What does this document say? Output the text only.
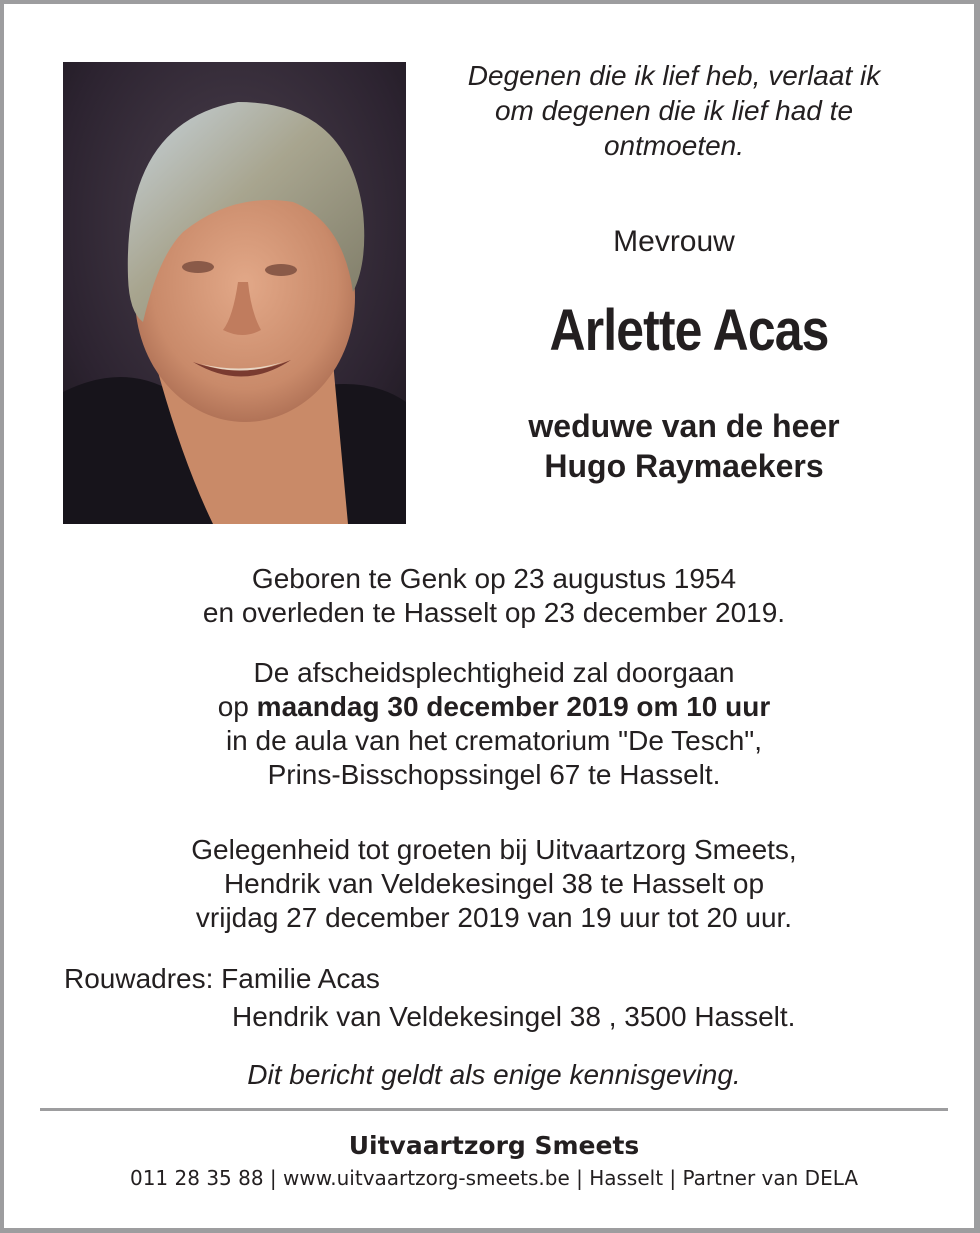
Degenen die ik lief heb, verlaat ik
om degenen die ik lief had te
ontmoeten.
Mevrouw
Arlette Acas
weduwe van de heer
Hugo Raymaekers
Geboren te Genk op 23 augustus 1954
en overleden te Hasselt op 23 december 2019.
De afscheidsplechtigheid zal doorgaan
op maandag 30 december 2019 om 10 uur
in de aula van het crematorium "De Tesch",
Prins-Bisschopssingel 67 te Hasselt.
Gelegenheid tot groeten bij Uitvaartzorg Smeets,
Hendrik van Veldekesingel 38 te Hasselt op
vrijdag 27 december 2019 van 19 uur tot 20 uur.
Rouwadres: Familie Acas
Hendrik van Veldekesingel 38 , 3500 Hasselt.
Dit bericht geldt als enige kennisgeving.
Uitvaartzorg Smeets
011 28 35 88 | www.uitvaartzorg-smeets.be | Hasselt | Partner van DELA
